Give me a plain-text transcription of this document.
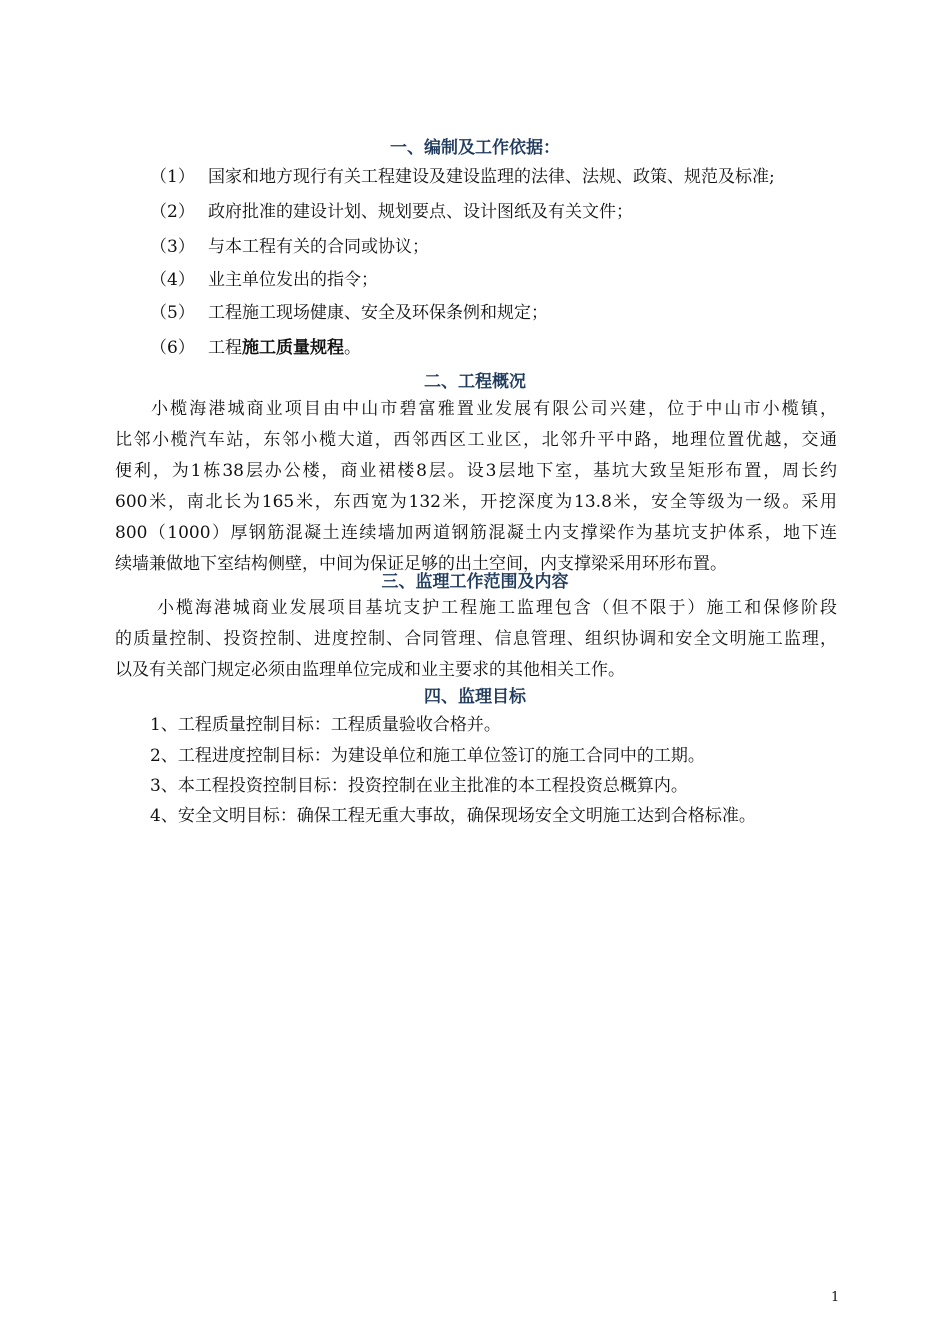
一、编制及工作依据：
（1） 国家和地方现行有关工程建设及建设监理的法律、法规、政策、规范及标准;
（2） 政府批准的建设计划、规划要点、设计图纸及有关文件；
（3） 与本工程有关的合同或协议；
（4） 业主单位发出的指令；
（5） 工程施工现场健康、安全及环保条例和规定；
（6） 工程施工质量规程。
二、工程概况
小榄海港城商业项目由中山市碧富雅置业发展有限公司兴建，位于中山市小榄镇，
比邻小榄汽车站，东邻小榄大道，西邻西区工业区，北邻升平中路，地理位置优越，交通
便利，为1栋38层办公楼，商业裙楼8层。设3层地下室，基坑大致呈矩形布置，周长约
600米，南北长为165米，东西宽为132米，开挖深度为13.8米，安全等级为一级。采用
800（1000）厚钢筋混凝土连续墙加两道钢筋混凝土内支撑梁作为基坑支护体系，地下连
续墙兼做地下室结构侧壁，中间为保证足够的出土空间，内支撑梁采用环形布置。
三、监理工作范围及内容
小榄海港城商业发展项目基坑支护工程施工监理包含（但不限于）施工和保修阶段
的质量控制、投资控制、进度控制、合同管理、信息管理、组织协调和安全文明施工监理，
以及有关部门规定必须由监理单位完成和业主要求的其他相关工作。
四、监理目标
1、工程质量控制目标：工程质量验收合格并。
2、工程进度控制目标：为建设单位和施工单位签订的施工合同中的工期。
3、本工程投资控制目标：投资控制在业主批准的本工程投资总概算内。
4、安全文明目标：确保工程无重大事故，确保现场安全文明施工达到合格标准。
1
